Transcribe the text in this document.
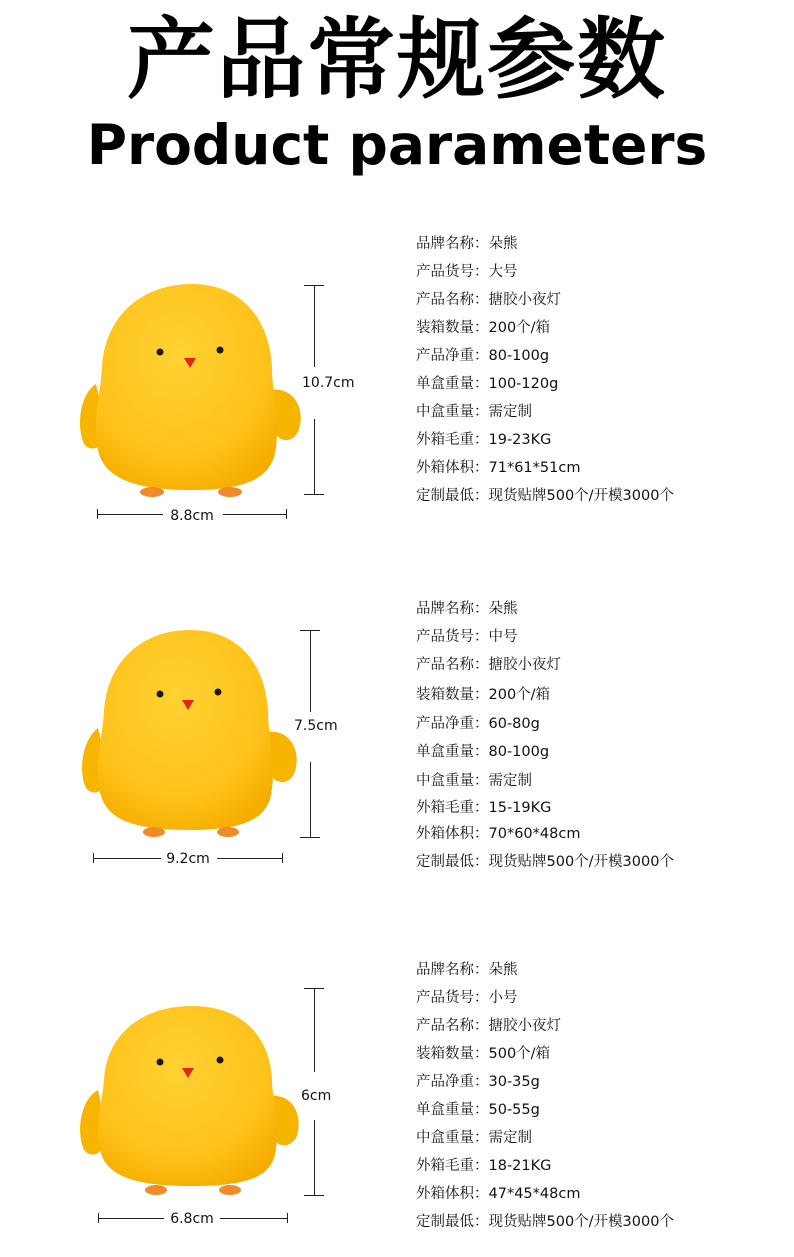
产品常规参数
Product parameters
10.7cm
8.8cm
品牌名称：朵熊
产品货号：大号
产品名称：搪胶小夜灯
装箱数量：200个/箱
产品净重：80-100g
单盒重量：100-120g
中盒重量：需定制
外箱毛重：19-23KG
外箱体积：71*61*51cm
定制最低：现货贴牌500个/开模3000个
7.5cm
9.2cm
品牌名称：朵熊
产品货号：中号
产品名称：搪胶小夜灯
装箱数量：200个/箱
产品净重：60-80g
单盒重量：80-100g
中盒重量：需定制
外箱毛重：15-19KG
外箱体积：70*60*48cm
定制最低：现货贴牌500个/开模3000个
6cm
6.8cm
品牌名称：朵熊
产品货号：小号
产品名称：搪胶小夜灯
装箱数量：500个/箱
产品净重：30-35g
单盒重量：50-55g
中盒重量：需定制
外箱毛重：18-21KG
外箱体积：47*45*48cm
定制最低：现货贴牌500个/开模3000个
